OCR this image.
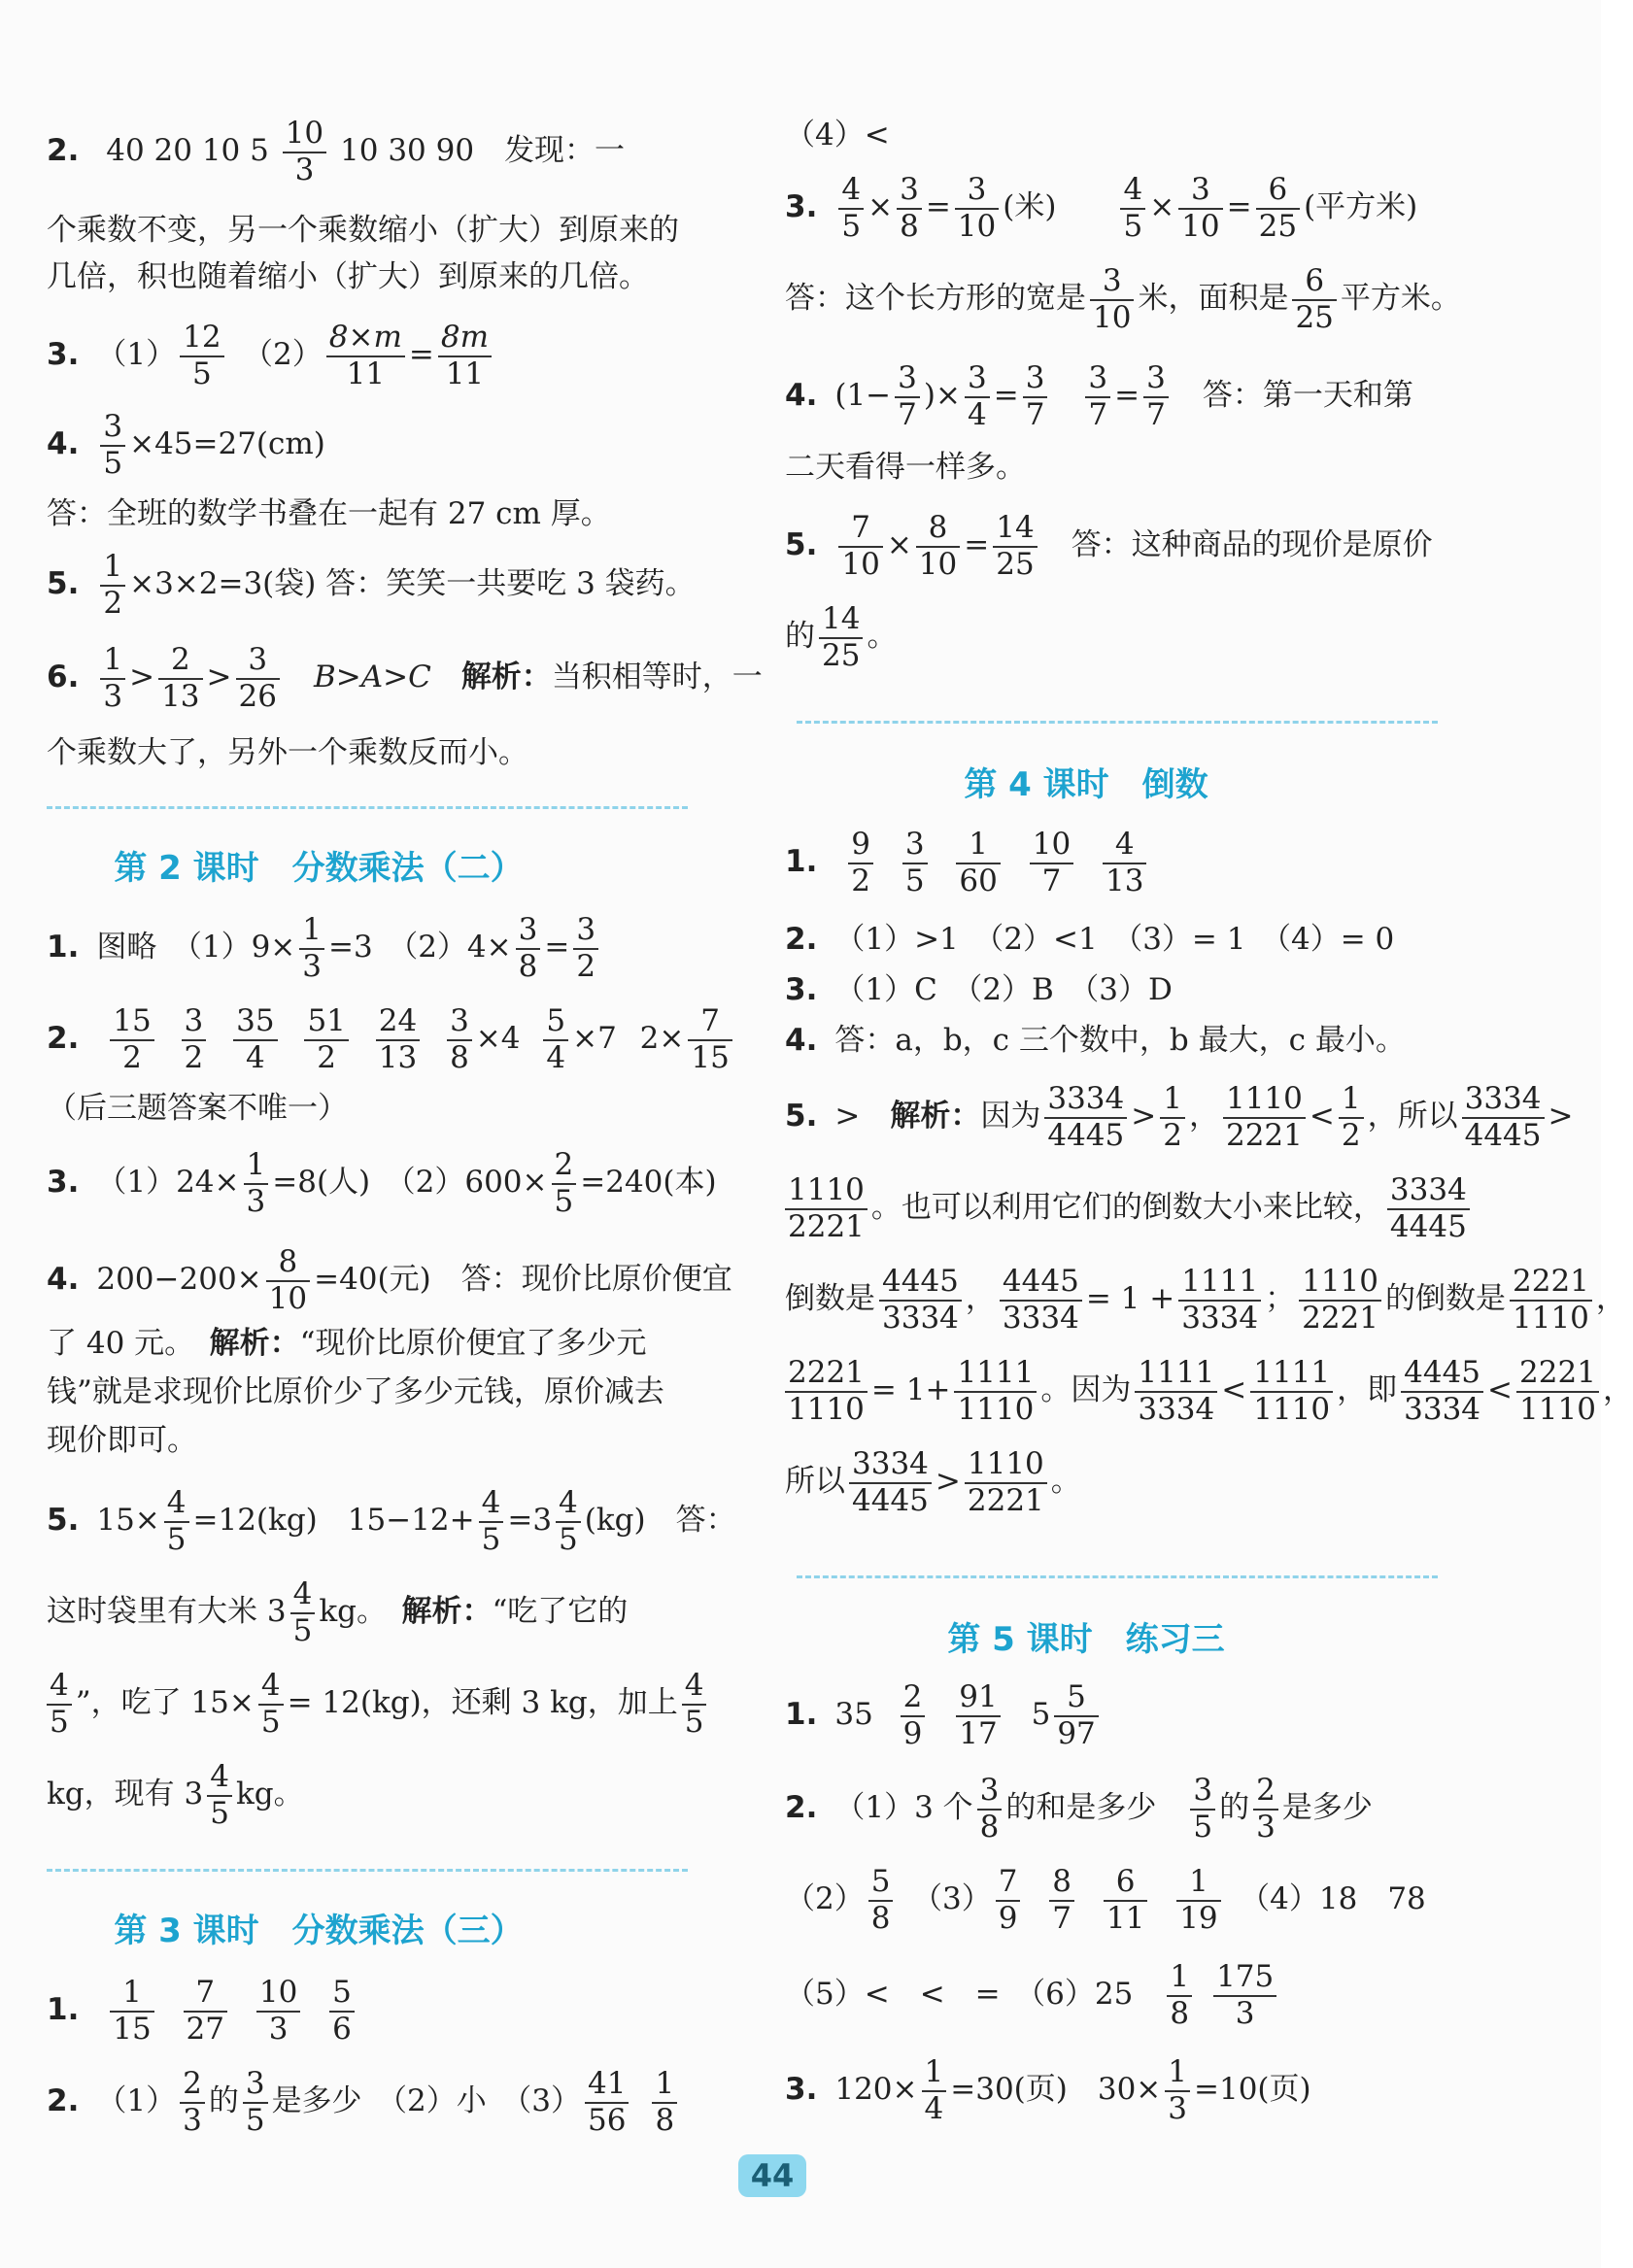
2. 40 20 10 $5 \frac{10}{3} 10$ 30 90　 发现：一
个乘数不变，另一个乘数缩小（扩大）到原来的
几倍，积也随着缩小（扩大）到原来的几倍。
3. $(1) \frac{12}{5}$
　 $(2) \frac{8\times m}{11} = \frac{8m}{11}$
4. $\frac{3}{5} \times 45=27(cm)$
答：全班的数学书叠在一起有 27 cm 厚。
5. $\frac{1}{2} \times 3\times 2=3$(袋) 答：笑笑一共要吃 3 袋药。
6. $\frac{1}{3} > \frac{2}{13} > \frac{3}{26}$
　 B>A>C　 解析：当积相等时，一
个乘数大了，另外一个乘数反而小。
第 2 课时　分数乘法（二）
1. 图略　$(1)9\times \frac{1}{3} =3$　$(2)4\times \frac{3}{8} = \frac{3}{2}$
2. $\frac{15}{2}$
$\frac{3}{2}$
$\frac{35}{4}$
$\frac{51}{2}$
$\frac{24}{13}$
$\frac{3}{8} \times 4 \frac{5}{4} \times 7$ $2\times \frac{7}{15}$
（后三题答案不唯一）
3. $(1)24\times \frac{1}{3} =8$(人)　$(2)600\times \frac{2}{5} =240$(本)
4. $200-200\times \frac{8}{10} =40$(元)　答：现价比原价便宜
了 40 元。　解析：“现价比原价便宜了多少元
钱”就是求现价比原价少了多少元钱，原价减去
现价即可。
5. $15\times \frac{4}{5} =12(kg)$　$15-12+ \frac{4}{5} =3 \frac{4}{5} (kg)$　答：
这时袋里有大米 $3 \frac{4}{5}$ kg。　解析：“吃了它的
$\frac{4}{5}$ ”，吃了 $15\times \frac{4}{5} = 12(kg)$，还剩 3 kg，加上 $\frac{4}{5}$
kg，现有 $3 \frac{4}{5}$ kg。
第 3 课时　分数乘法（三）
1. $\frac{1}{15}$
$\frac{7}{27}$
$\frac{10}{3}$
$\frac{5}{6}$
2. $(1) \frac{2}{3}$ 的 $\frac{3}{5}$ 是多少　（2）小　$(3) \frac{41}{56} \frac{1}{8}$
（4）<
3. $\frac{4}{5} \times \frac{3}{8} = \frac{3}{10}$ (米)　　 $\frac{4}{5} \times \frac{3}{10} = \frac{6}{25}$ (平方米)
答：这个长方形的宽是 $\frac{3}{10}$ 米，面积是 $\frac{6}{25}$ 平方米。
4. ($1- \frac{3}{7}$ )× $\frac{3}{4} = \frac{3}{7}$
　 $\frac{3}{7} = \frac{3}{7}$
　 答：第一天和第
二天看得一样多。
5. $\frac{7}{10} \times \frac{8}{10} = \frac{14}{25}$
　 答：这种商品的现价是原价
的 $\frac{14}{25}$ 。
第 4 课时　倒数
1. $\frac{9}{2}$
$\frac{3}{5}$
$\frac{1}{60}$
$\frac{10}{7}$
$\frac{4}{13}$
2. （1）>1　（2）<1　（3）= 1　（4）= 0
3. （1）C　（2）B　（3）D
4. 答：a，b，c 三个数中，b 最大，c 最小。
5. >　解析：因为 $\frac{3334}{4445} > \frac{1}{2}$ ， $\frac{1110}{2221} < \frac{1}{2}$ ，所以 $\frac{3334}{4445}$ >
$\frac{1110}{2221}$ 。也可以利用它们的倒数大小来比较， $\frac{3334}{4445}$
倒数是 $\frac{4445}{3334}$ ， $\frac{4445}{3334} = 1 + \frac{1111}{3334}$ ； $\frac{1110}{2221}$ 的倒数是 $\frac{2221}{1110}$ ，
$\frac{2221}{1110} = 1+ \frac{1111}{1110}$ 。因为 $\frac{1111}{3334} < \frac{1111}{1110}$ ，即 $\frac{4445}{3334} < \frac{2221}{1110}$ ，
所以 $\frac{3334}{4445} > \frac{1110}{2221}$ 。
第 5 课时　练习三
1. $35 \frac{2}{9}$
$\frac{91}{17} 5 \frac{5}{97}$
2. （1）3 个 $\frac{3}{8}$ 的和是多少　 $\frac{3}{5}$ 的 $\frac{2}{3}$ 是多少
$(2) \frac{5}{8}$
　 $(3) \frac{7}{9}$
$\frac{8}{7}$
$\frac{6}{11}$
$\frac{1}{19}$
　 （4）18　78
（5）<　<　=　（6）25　 $\frac{1}{8} \frac{175}{3}$
3. $120\times \frac{1}{4} =30$(页)　$30\times \frac{1}{3} =10$(页)
44
